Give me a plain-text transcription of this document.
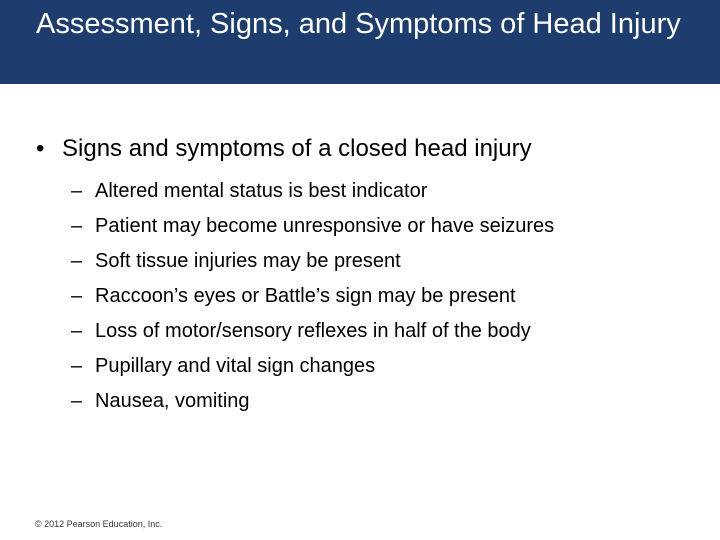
Assessment, Signs, and Symptoms of Head Injury
• Signs and symptoms of a closed head injury
– Altered mental status is best indicator
– Patient may become unresponsive or have seizures
– Soft tissue injuries may be present
– Raccoon’s eyes or Battle’s sign may be present
– Loss of motor/sensory reflexes in half of the body
– Pupillary and vital sign changes
– Nausea, vomiting
© 2012 Pearson Education, Inc.
